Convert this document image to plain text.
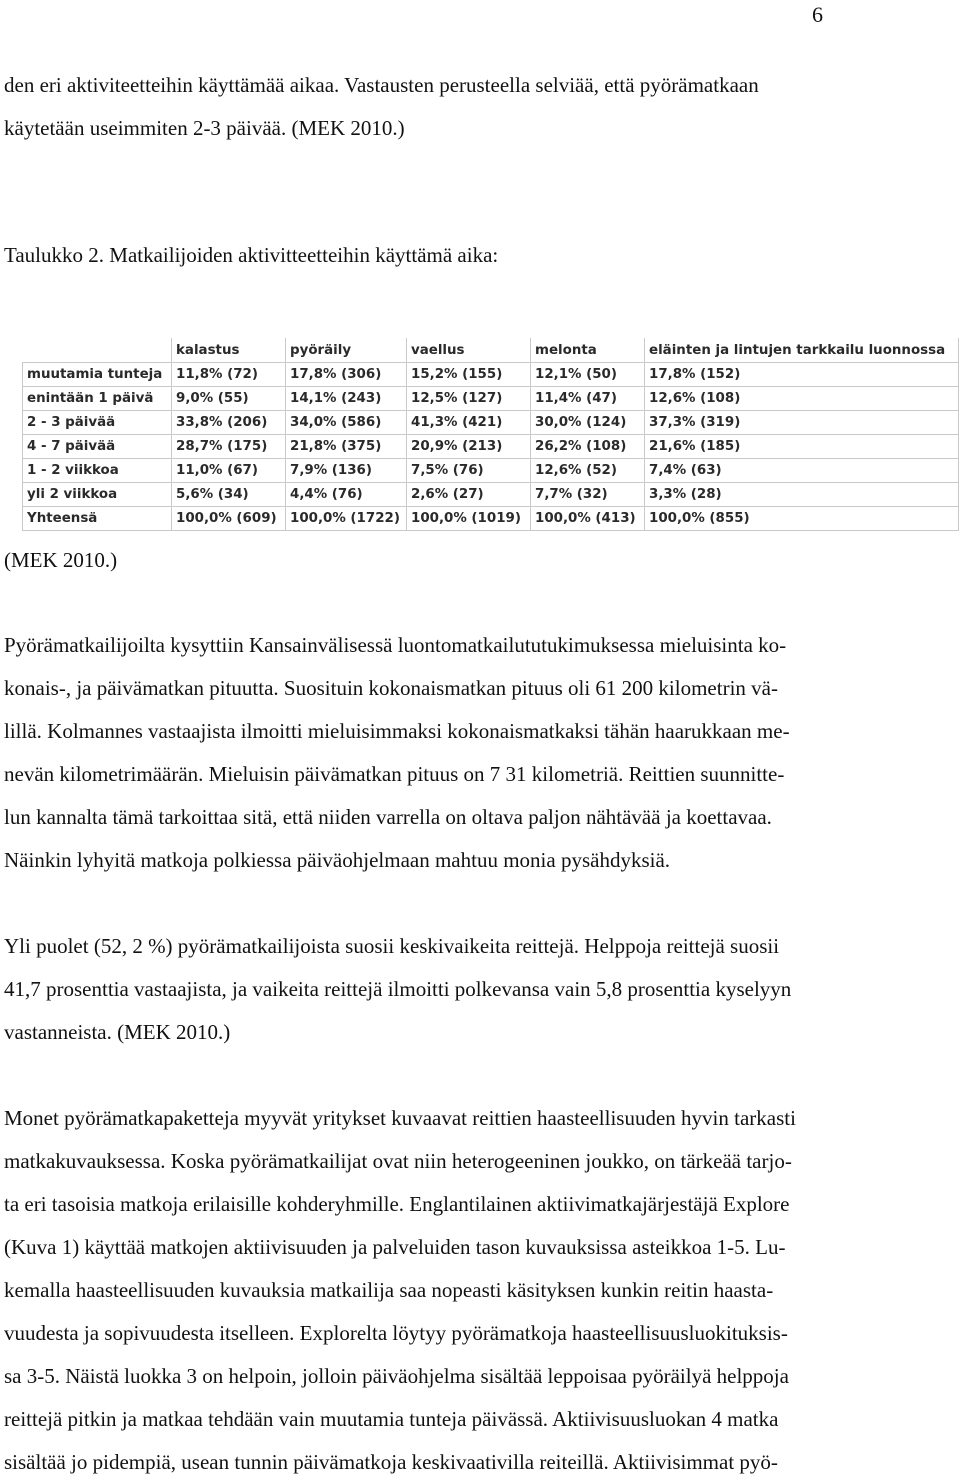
6
den eri aktiviteetteihin käyttämää aikaa. Vastausten perusteella selviää, että pyörämatkaan
käytetään useimmiten 2-3 päivää. (MEK 2010.)
Taulukko 2. Matkailijoiden aktivitteetteihin käyttämä aika:
	kalastus	pyöräily	vaellus	melonta	eläinten ja lintujen tarkkailu luonnossa
muutamia tunteja	11,8% (72)	17,8% (306)	15,2% (155)	12,1% (50)	17,8% (152)
enintään 1 päivä	9,0% (55)	14,1% (243)	12,5% (127)	11,4% (47)	12,6% (108)
2 - 3 päivää	33,8% (206)	34,0% (586)	41,3% (421)	30,0% (124)	37,3% (319)
4 - 7 päivää	28,7% (175)	21,8% (375)	20,9% (213)	26,2% (108)	21,6% (185)
1 - 2 viikkoa	11,0% (67)	7,9% (136)	7,5% (76)	12,6% (52)	7,4% (63)
yli 2 viikkoa	5,6% (34)	4,4% (76)	2,6% (27)	7,7% (32)	3,3% (28)
Yhteensä	100,0% (609)	100,0% (1722)	100,0% (1019)	100,0% (413)	100,0% (855)
(MEK 2010.)
Pyörämatkailijoilta kysyttiin Kansainvälisessä luontomatkailututukimuksessa mieluisinta ko-
konais-, ja päivämatkan pituutta. Suosituin kokonaismatkan pituus oli 61 200 kilometrin vä-
lillä. Kolmannes vastaajista ilmoitti mieluisimmaksi kokonaismatkaksi tähän haarukkaan me-
nevän kilometrimäärän. Mieluisin päivämatkan pituus on 7 31 kilometriä. Reittien suunnitte-
lun kannalta tämä tarkoittaa sitä, että niiden varrella on oltava paljon nähtävää ja koettavaa.
Näinkin lyhyitä matkoja polkiessa päiväohjelmaan mahtuu monia pysähdyksiä.
Yli puolet (52, 2 %) pyörämatkailijoista suosii keskivaikeita reittejä. Helppoja reittejä suosii
41,7 prosenttia vastaajista, ja vaikeita reittejä ilmoitti polkevansa vain 5,8 prosenttia kyselyyn
vastanneista. (MEK 2010.)
Monet pyörämatkapaketteja myyvät yritykset kuvaavat reittien haasteellisuuden hyvin tarkasti
matkakuvauksessa. Koska pyörämatkailijat ovat niin heterogeeninen joukko, on tärkeää tarjo-
ta eri tasoisia matkoja erilaisille kohderyhmille. Englantilainen aktiivimatkajärjestäjä Explore
(Kuva 1) käyttää matkojen aktiivisuuden ja palveluiden tason kuvauksissa asteikkoa 1-5. Lu-
kemalla haasteellisuuden kuvauksia matkailija saa nopeasti käsityksen kunkin reitin haasta-
vuudesta ja sopivuudesta itselleen. Explorelta löytyy pyörämatkoja haasteellisuusluokituksis-
sa 3-5. Näistä luokka 3 on helpoin, jolloin päiväohjelma sisältää leppoisaa pyöräilyä helppoja
reittejä pitkin ja matkaa tehdään vain muutamia tunteja päivässä. Aktiivisuusluokan 4 matka
sisältää jo pidempiä, usean tunnin päivämatkoja keskivaativilla reiteillä. Aktiivisimmat pyö-
